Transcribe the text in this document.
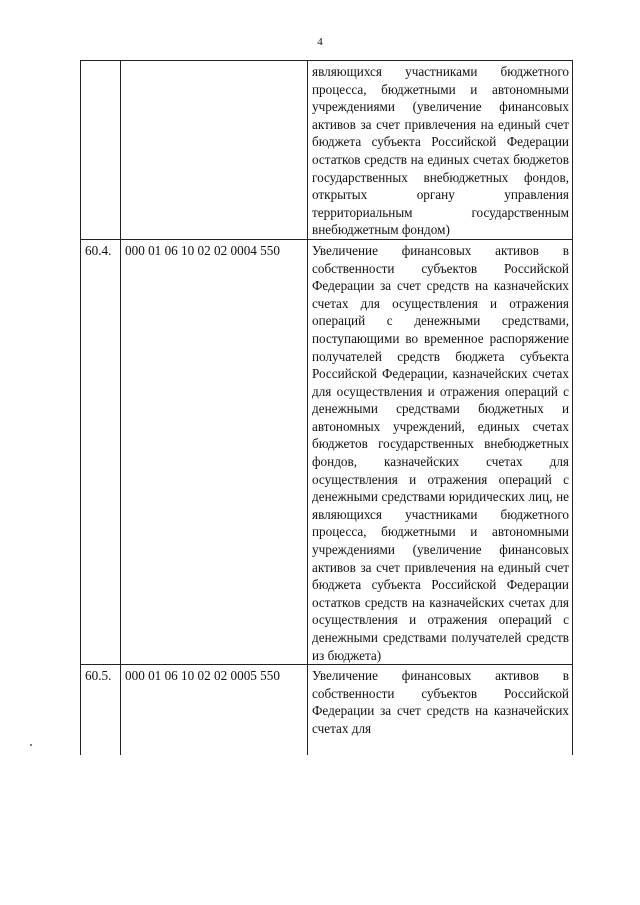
4
		являющихся участниками бюджетного процесса, бюджетными и автономными учреждениями (увеличение финансовых активов за счет привлечения на единый счет бюджета субъекта Российской Федерации остатков средств на единых счетах бюджетов государственных внебюджетных фондов, открытых органу управления территориальным государственным внебюджетным фондом)
60.4.	000 01 06 10 02 02 0004 550	Увеличение финансовых активов в собственности субъектов Российской Федерации за счет средств на казначейских счетах для осуществления и отражения операций с денежными средствами, поступающими во временное распоряжение получателей средств бюджета субъекта Российской Федерации, казначейских счетах для осуществления и отражения операций с денежными средствами бюджетных и автономных учреждений, единых счетах бюджетов государственных внебюджетных фондов, казначейских счетах для осуществления и отражения операций с денежными средствами юридических лиц, не являющихся участниками бюджетного процесса, бюджетными и автономными учреждениями (увеличение финансовых активов за счет привлечения на единый счет бюджета субъекта Российской Федерации остатков средств на казначейских счетах для осуществления и отражения операций с денежными средствами получателей средств из бюджета)
60.5.	000 01 06 10 02 02 0005 550	Увеличение финансовых активов в собственности субъектов Российской Федерации за счет средств на казначейских счетах для
